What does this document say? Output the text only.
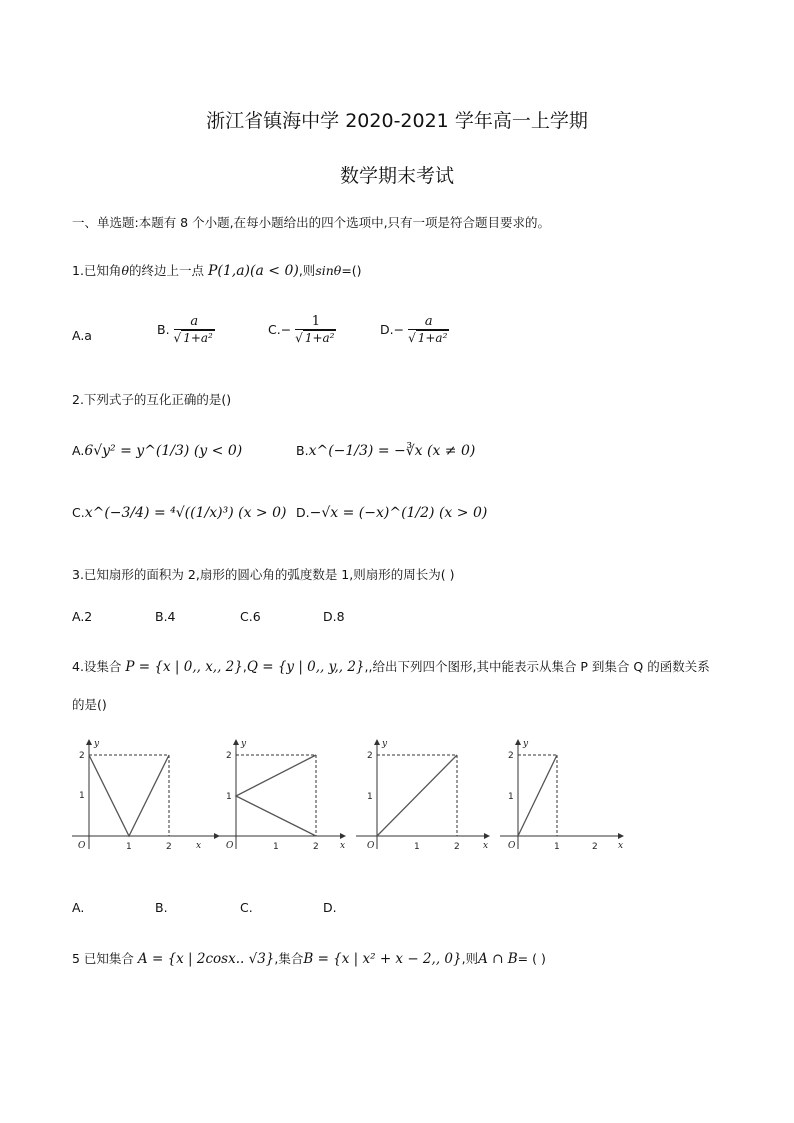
浙江省镇海中学 2020-2021 学年高一上学期
数学期末考试
一、单选题:本题有 8 个小题,在每小题给出的四个选项中,只有一项是符合题目要求的。
1.已知角θ的终边上一点 P(1,a)(a < 0),则sinθ=()
A.a	B. $\frac{a}{\text{√ 1+a²}}$	$C.- \frac{1}{\text{√ 1+a²}}$	$D.- \frac{a}{\text{√ 1+a²}}$
2.下列式子的互化正确的是()
A.6√y² = y^(1/3) (y < 0)	B.x^(−1/3) = −∛x (x ≠ 0)
C.x^(−3/4) = ⁴√((1/x)³) (x > 0) D.−√x = (−x)^(1/2) (x > 0)
3.已知扇形的面积为 2,扇形的圆心角的弧度数是 1,则扇形的周长为( )
A.2	B.4	C.6	D.8
4.设集合 P = {x | 0,, x,, 2},Q = {y | 0,, y,, 2},,给出下列四个图形,其中能表示从集合 P 到集合 Q 的函数关系
的是()
y
2
1
O	1	2	x
y
2
1
O	1	2 x
y
2
1
O	1	2	x
y
2
1
O	1	2 x
A.	B.	C.	D.
5 已知集合 A = {x | 2cosx.. √3},集合B = {x | x² + x − 2,, 0},则A ∩ B= ( )
